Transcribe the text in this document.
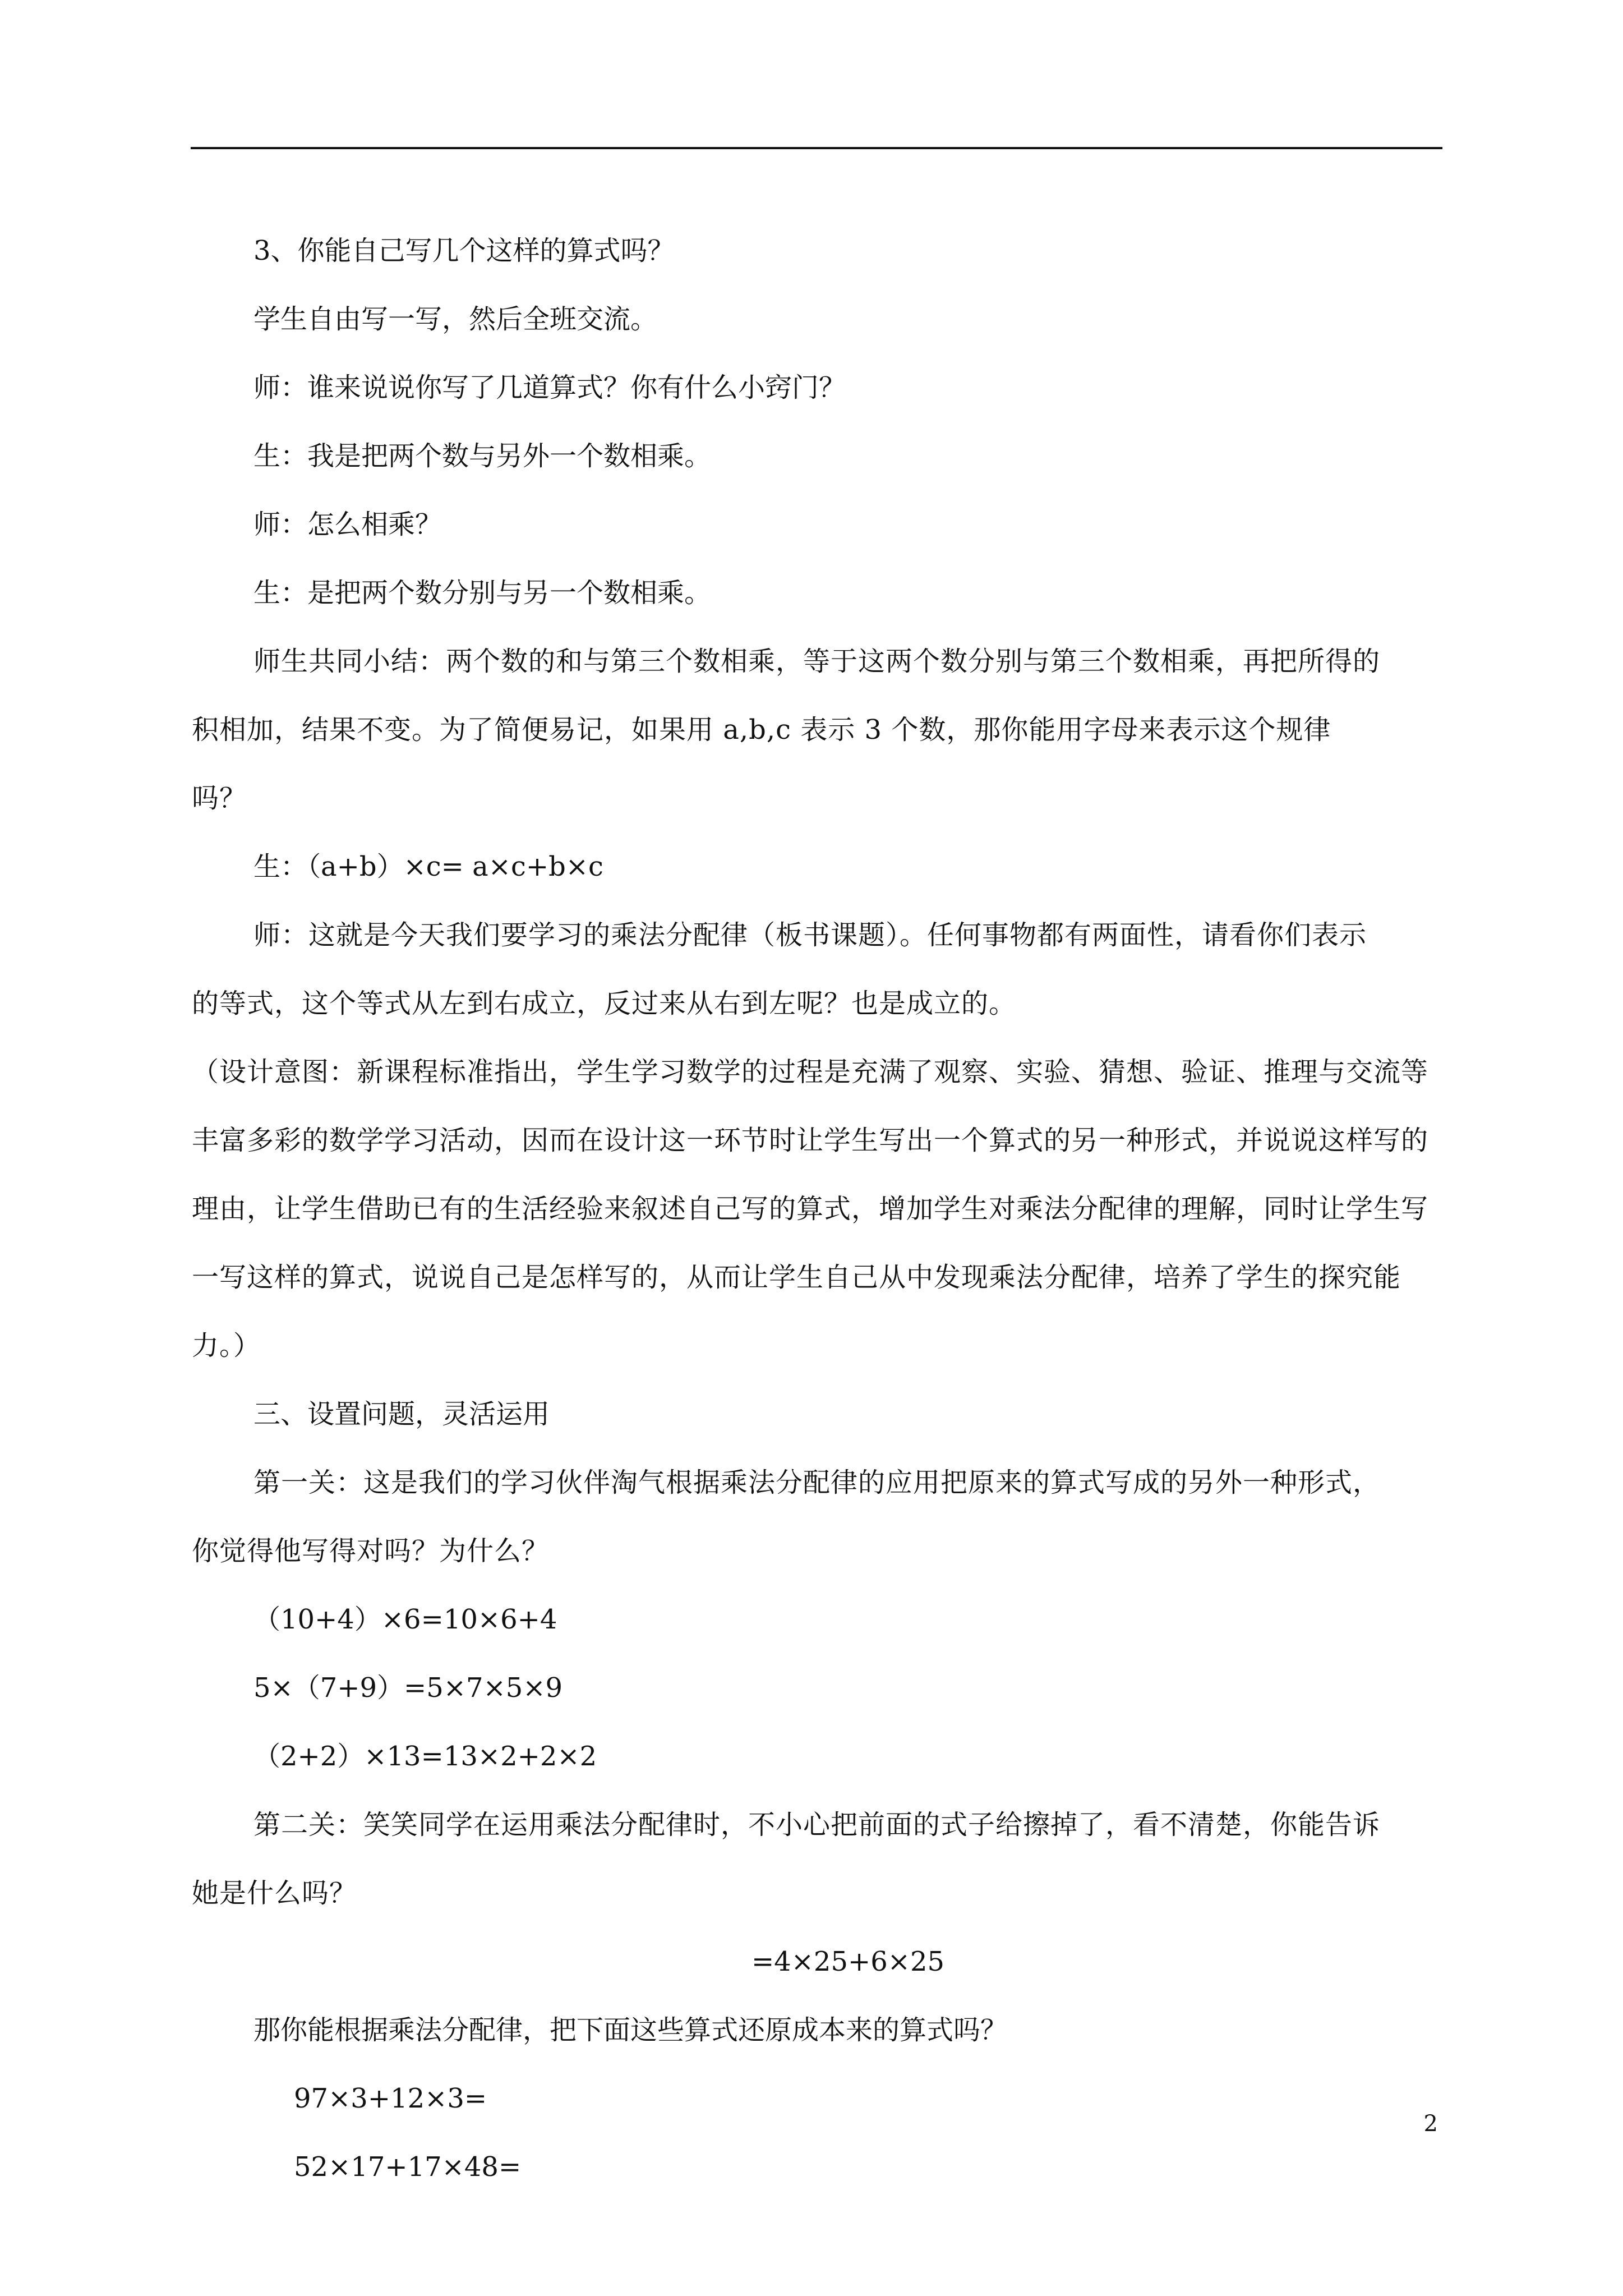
3、你能自己写几个这样的算式吗？

学生自由写一写，然后全班交流。

师：谁来说说你写了几道算式？你有什么小窍门？

生：我是把两个数与另外一个数相乘。

师：怎么相乘？

生：是把两个数分别与另一个数相乘。

师生共同小结：两个数的和与第三个数相乘，等于这两个数分别与第三个数相乘，再把所得的积相加，结果不变。为了简便易记，如果用 a,b,c 表示 3 个数，那你能用字母来表示这个规律吗？

生：（a+b）×c= a×c+b×c

师：这就是今天我们要学习的乘法分配律（板书课题）。任何事物都有两面性，请看你们表示的等式，这个等式从左到右成立，反过来从右到左呢？也是成立的。

（设计意图：新课程标准指出，学生学习数学的过程是充满了观察、实验、猜想、验证、推理与交流等丰富多彩的数学学习活动，因而在设计这一环节时让学生写出一个算式的另一种形式，并说说这样写的理由，让学生借助已有的生活经验来叙述自己写的算式，增加学生对乘法分配律的理解，同时让学生写一写这样的算式，说说自己是怎样写的，从而让学生自己从中发现乘法分配律，培养了学生的探究能力。）

三、设置问题，灵活运用

第一关：这是我们的学习伙伴淘气根据乘法分配律的应用把原来的算式写成的另外一种形式，你觉得他写得对吗？为什么？

（10+4）×6=10×6+4

5×（7+9）=5×7×5×9

（2+2）×13=13×2+2×2

第二关：笑笑同学在运用乘法分配律时，不小心把前面的式子给擦掉了，看不清楚，你能告诉她是什么吗？

=4×25+6×25

那你能根据乘法分配律，把下面这些算式还原成本来的算式吗？

97×3+12×3=

52×17+17×48=

2
